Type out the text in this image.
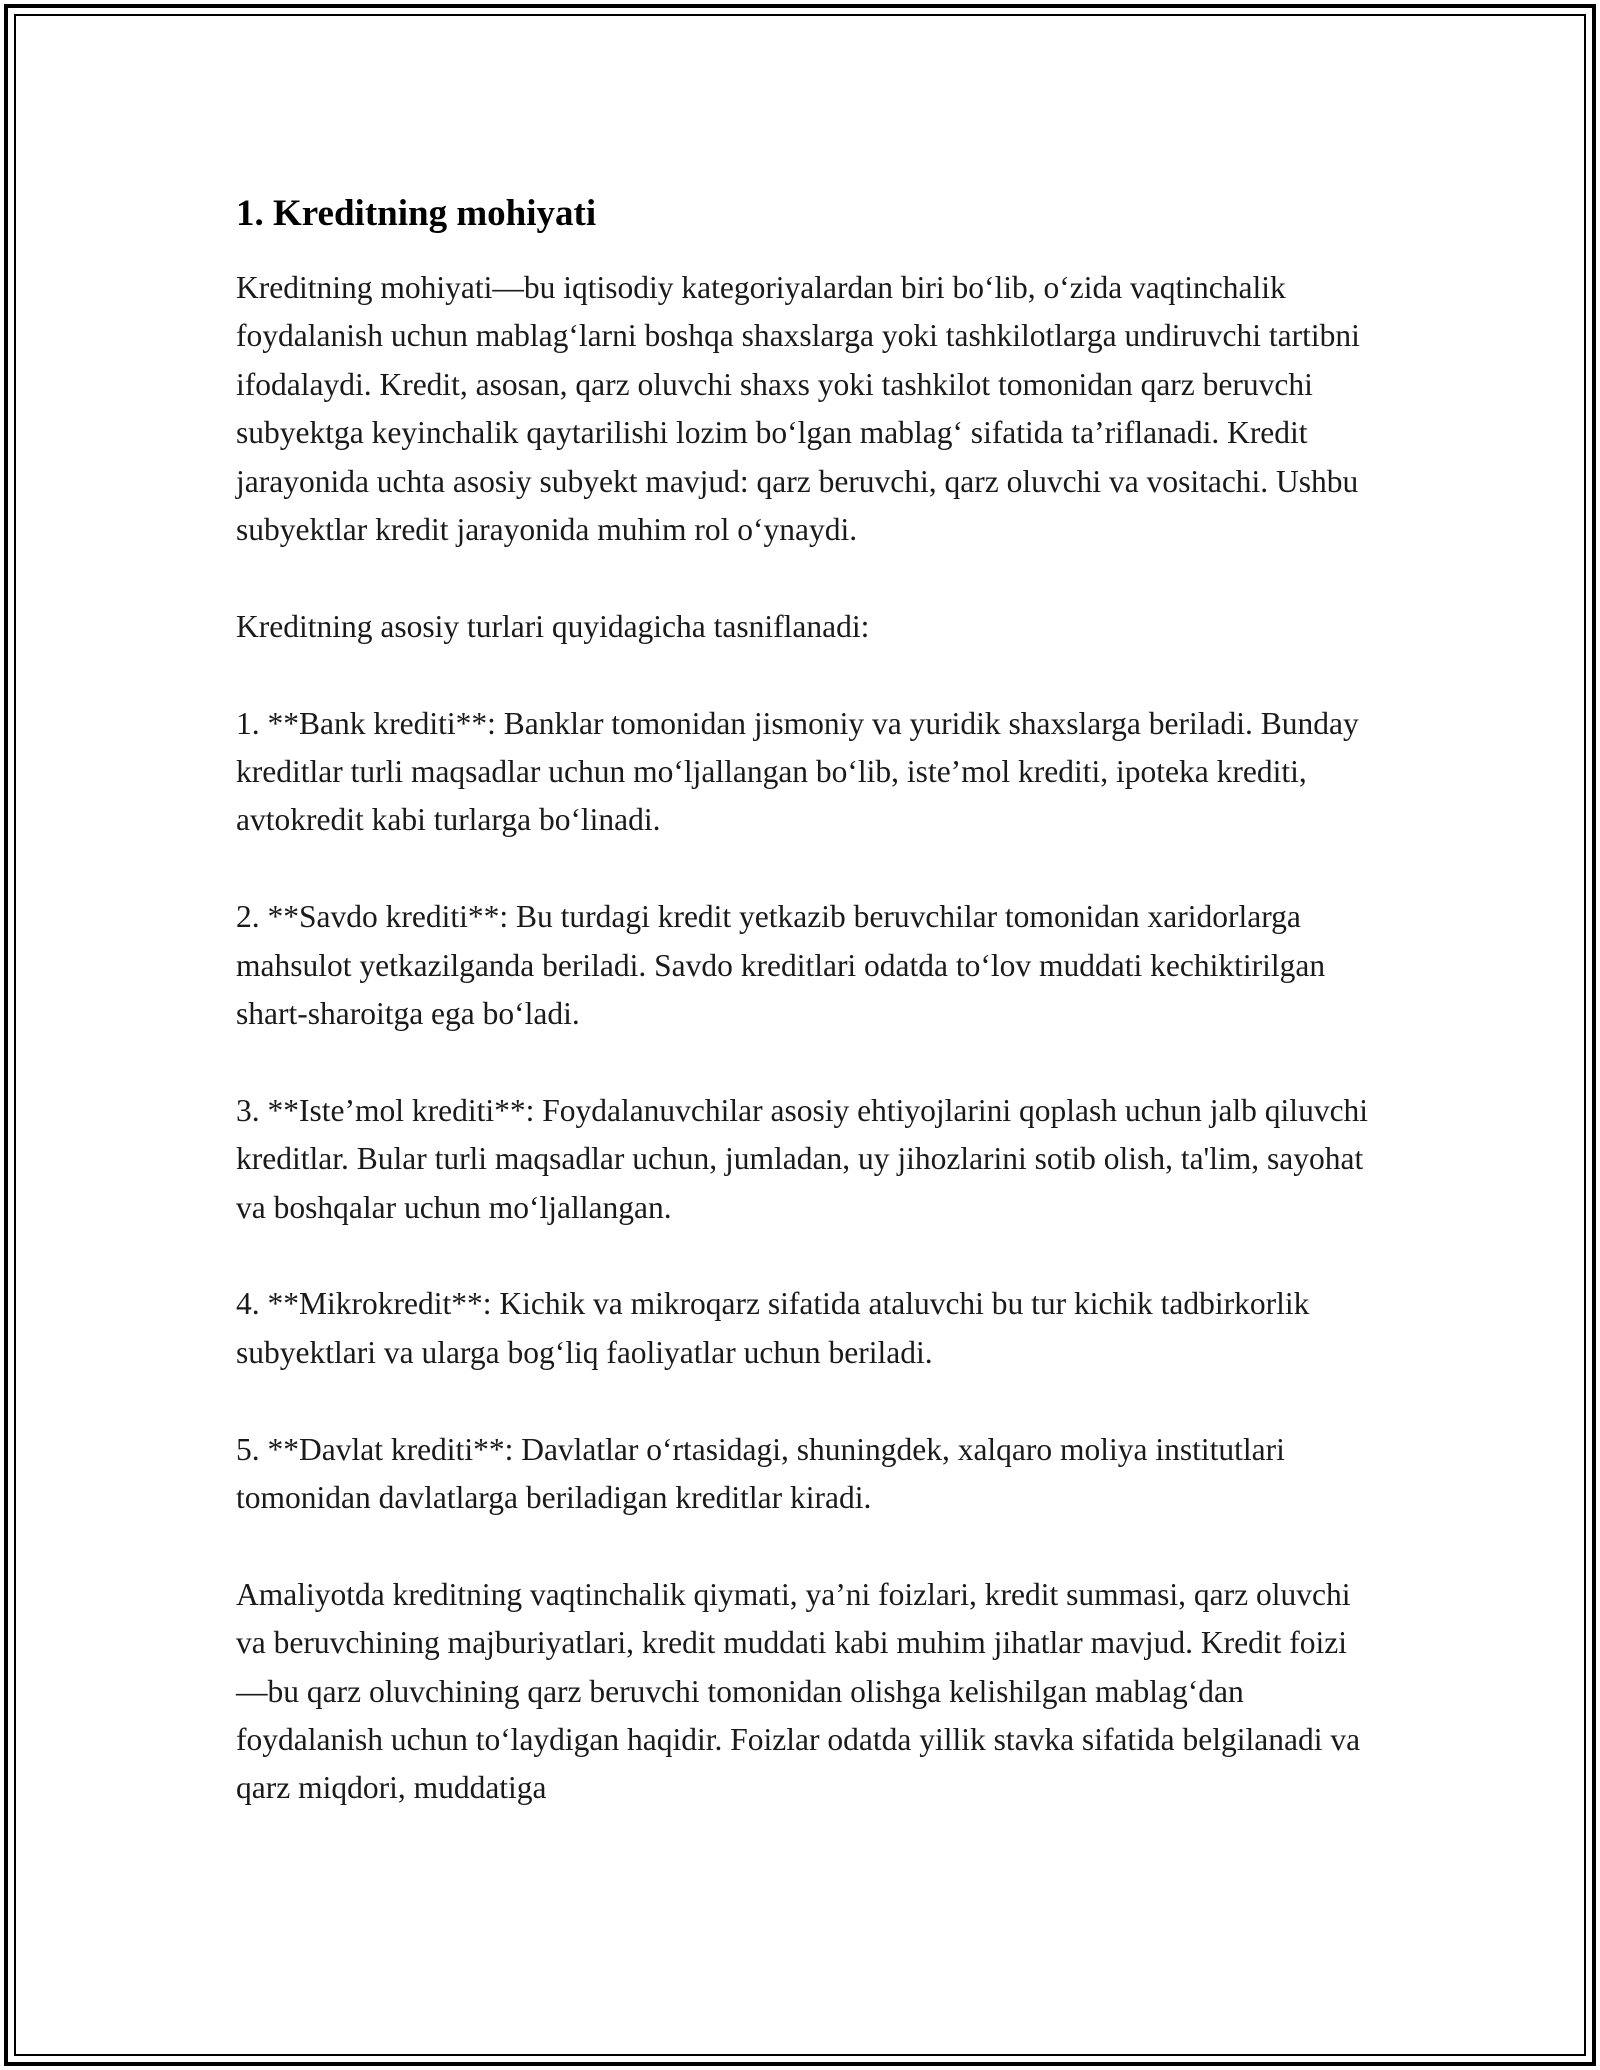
1. Kreditning mohiyati

Kreditning mohiyati—bu iqtisodiy kategoriyalardan biri bo‘lib, o‘zida vaqtinchalik foydalanish uchun mablag‘larni boshqa shaxslarga yoki tashkilotlarga undiruvchi tartibni ifodalaydi. Kredit, asosan, qarz oluvchi shaxs yoki tashkilot tomonidan qarz beruvchi subyektga keyinchalik qaytarilishi lozim bo‘lgan mablag‘ sifatida ta’riflanadi. Kredit jarayonida uchta asosiy subyekt mavjud: qarz beruvchi, qarz oluvchi va vositachi. Ushbu subyektlar kredit jarayonida muhim rol o‘ynaydi.

Kreditning asosiy turlari quyidagicha tasniflanadi:

1. **Bank krediti**: Banklar tomonidan jismoniy va yuridik shaxslarga beriladi. Bunday kreditlar turli maqsadlar uchun mo‘ljallangan bo‘lib, iste’mol krediti, ipoteka krediti, avtokredit kabi turlarga bo‘linadi.

2. **Savdo krediti**: Bu turdagi kredit yetkazib beruvchilar tomonidan xaridorlarga mahsulot yetkazilganda beriladi. Savdo kreditlari odatda to‘lov muddati kechiktirilgan shart-sharoitga ega bo‘ladi.

3. **Iste’mol krediti**: Foydalanuvchilar asosiy ehtiyojlarini qoplash uchun jalb qiluvchi kreditlar. Bular turli maqsadlar uchun, jumladan, uy jihozlarini sotib olish, ta'lim, sayohat va boshqalar uchun mo‘ljallangan.

4. **Mikrokredit**: Kichik va mikroqarz sifatida ataluvchi bu tur kichik tadbirkorlik subyektlari va ularga bog‘liq faoliyatlar uchun beriladi.

5. **Davlat krediti**: Davlatlar o‘rtasidagi, shuningdek, xalqaro moliya institutlari tomonidan davlatlarga beriladigan kreditlar kiradi.

Amaliyotda kreditning vaqtinchalik qiymati, ya’ni foizlari, kredit summasi, qarz oluvchi va beruvchining majburiyatlari, kredit muddati kabi muhim jihatlar mavjud. Kredit foizi—bu qarz oluvchining qarz beruvchi tomonidan olishga kelishilgan mablag‘dan foydalanish uchun to‘laydigan haqidir. Foizlar odatda yillik stavka sifatida belgilanadi va qarz miqdori, muddatiga
